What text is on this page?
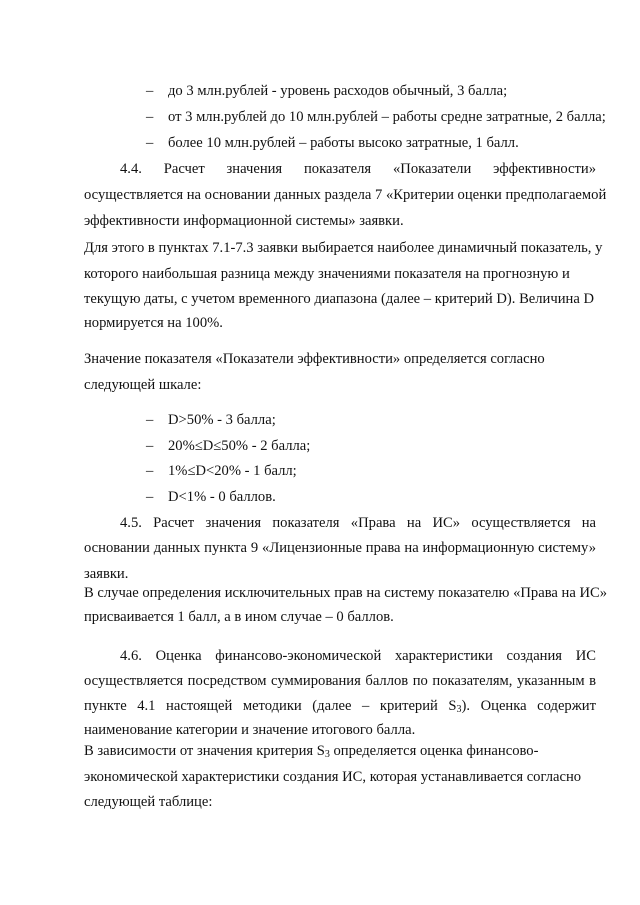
– до 3 млн.рублей - уровень расходов обычный, 3 балла;
– от 3 млн.рублей до 10 млн.рублей – работы средне затратные, 2 балла;
– более 10 млн.рублей – работы высоко затратные, 1 балл.
4.4. Расчет значения показателя «Показатели эффективности»
осуществляется на основании данных раздела 7 «Критерии оценки предполагаемой
эффективности информационной системы» заявки.
Для этого в пунктах 7.1-7.3 заявки выбирается наиболее динамичный показатель, у
которого наибольшая разница между значениями показателя на прогнозную и
текущую даты, с учетом временного диапазона (далее – критерий D). Величина D
нормируется на 100%.
Значение показателя «Показатели эффективности» определяется согласно
следующей шкале:
– D>50% - 3 балла;
– 20%≤D≤50% - 2 балла;
– 1%≤D<20% - 1 балл;
– D<1% - 0 баллов.
4.5. Расчет значения показателя «Права на ИС» осуществляется на
основании данных пункта 9 «Лицензионные права на информационную систему»
заявки.
В случае определения исключительных прав на систему показателю «Права на ИС»
присваивается 1 балл, а в ином случае – 0 баллов.
4.6. Оценка финансово-экономической характеристики создания ИС
осуществляется посредством суммирования баллов по показателям, указанным в
пункте 4.1 настоящей методики (далее – критерий $S_3$). Оценка содержит
наименование категории и значение итогового балла.
В зависимости от значения критерия $S_3$ определяется оценка финансово-
экономической характеристики создания ИС, которая устанавливается согласно
следующей таблице:
